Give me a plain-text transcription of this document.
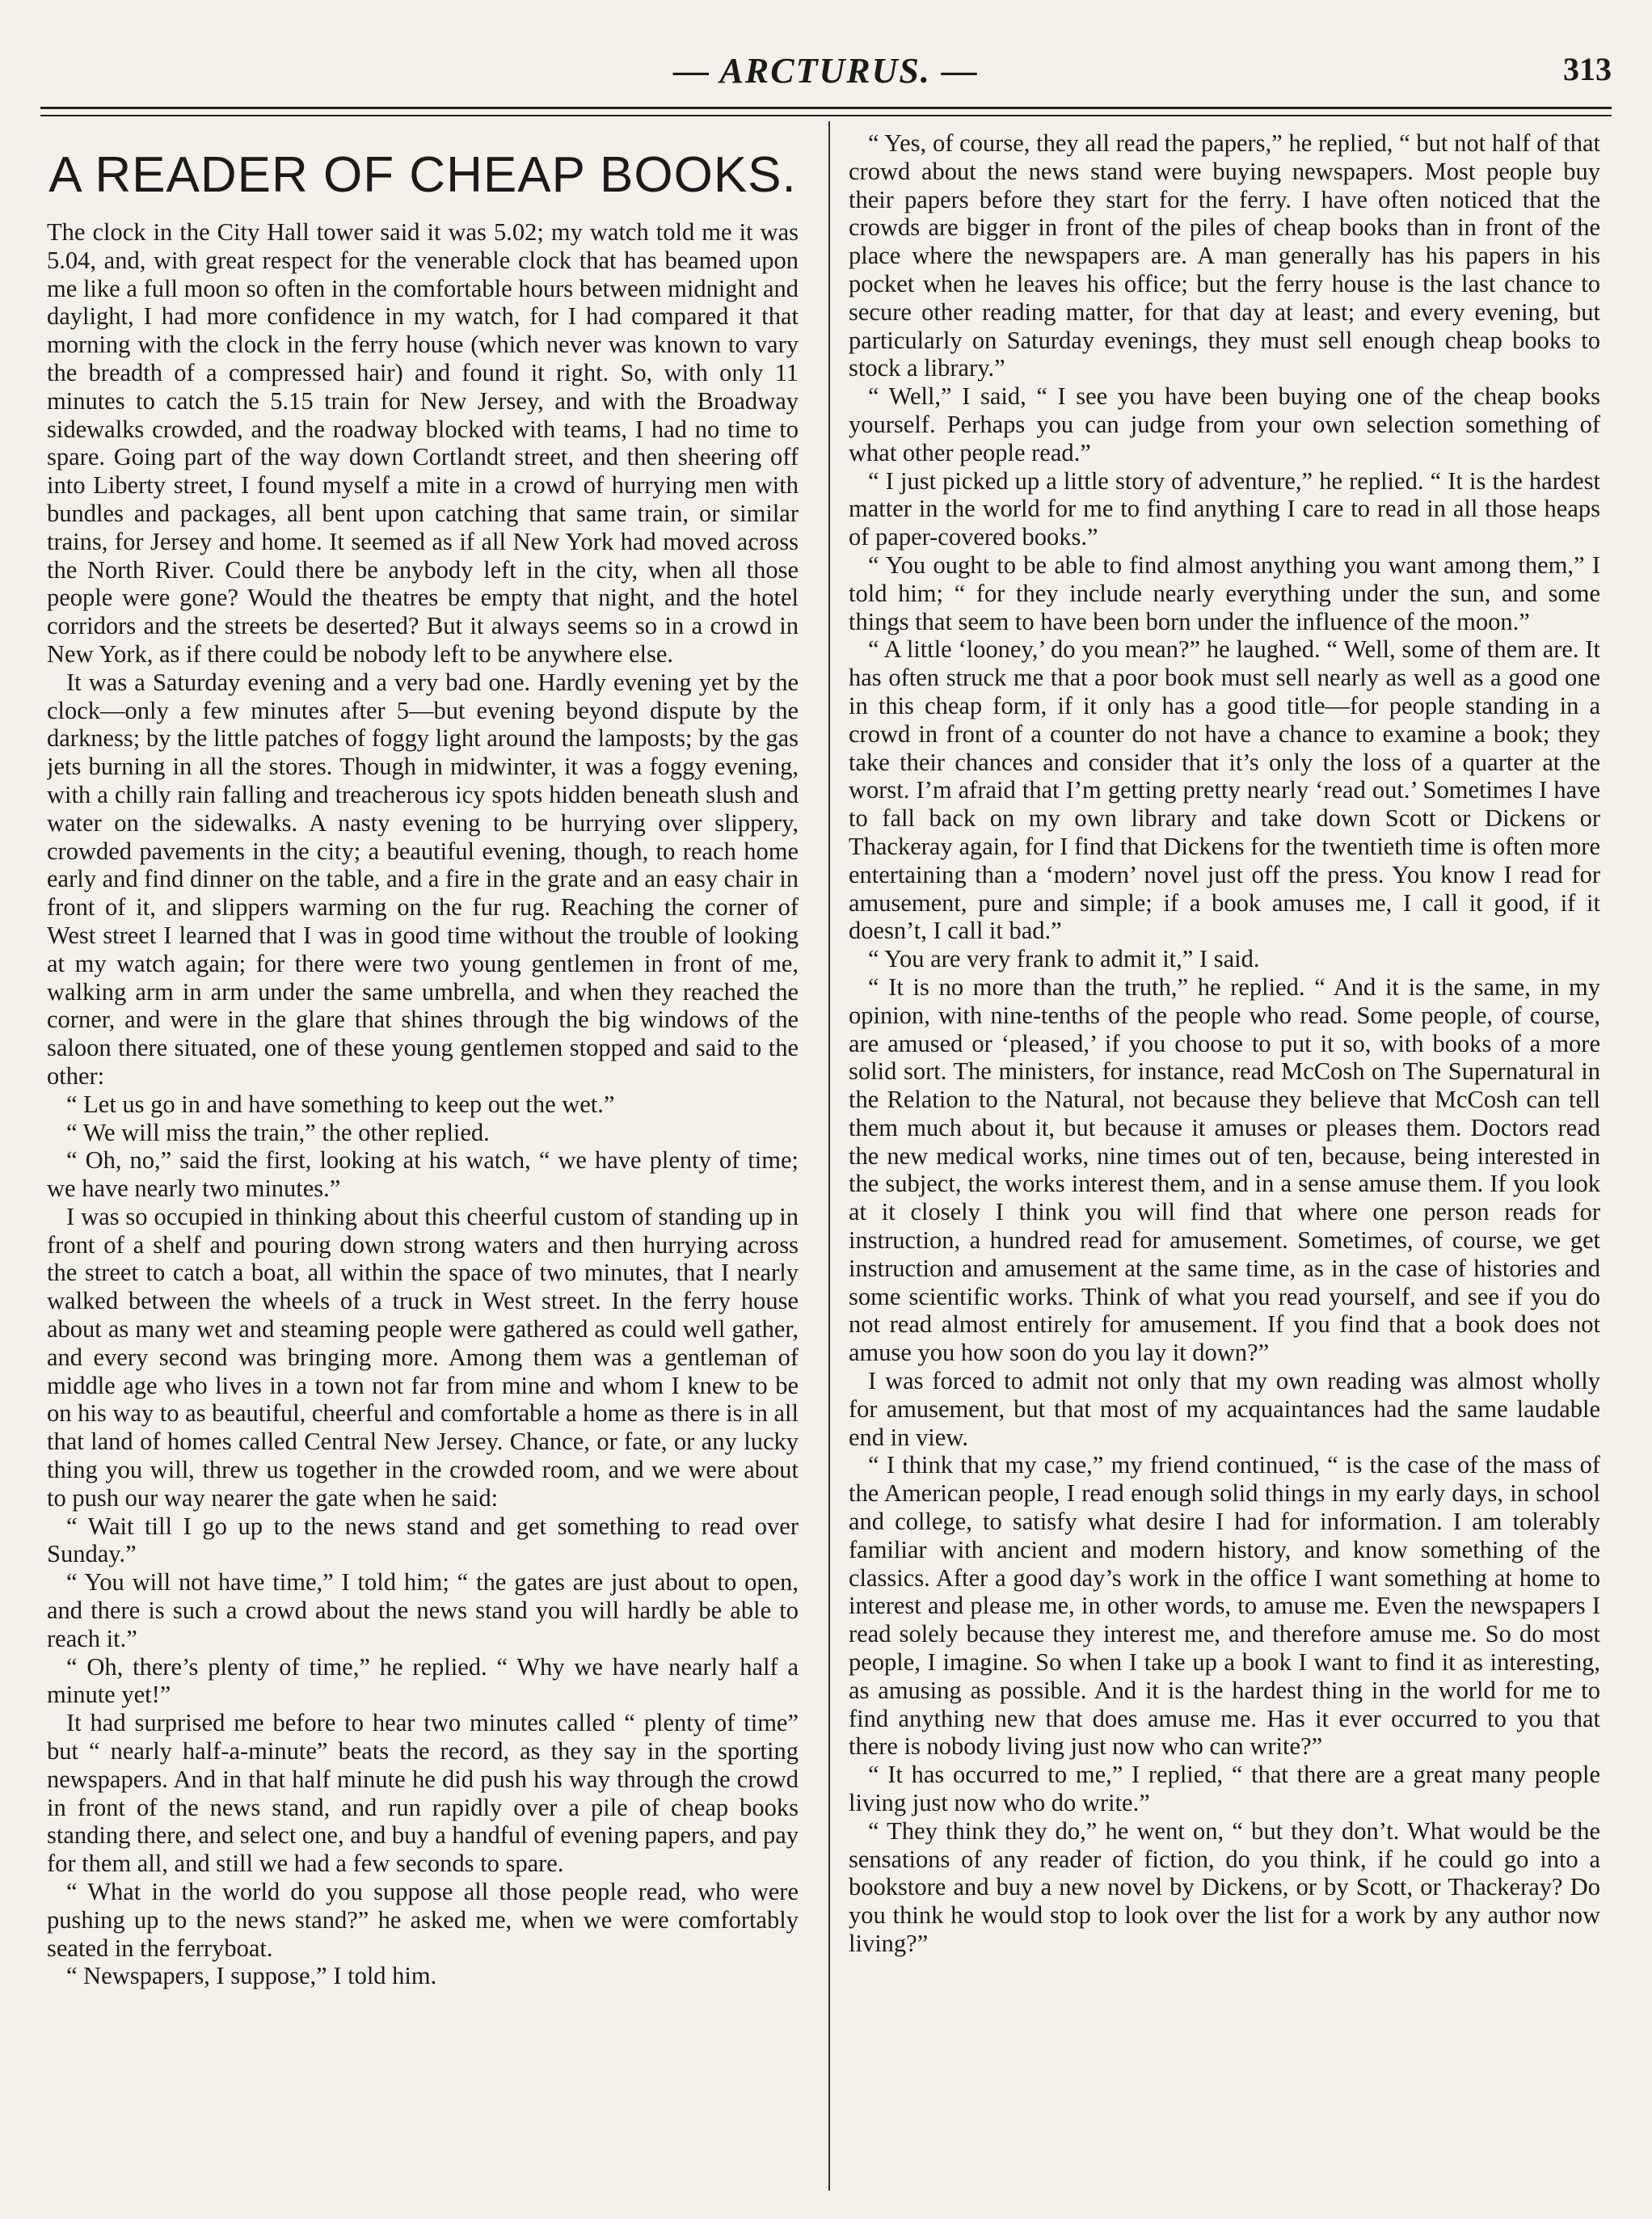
— ARCTURUS. —	313
A READER OF CHEAP BOOKS.

The clock in the City Hall tower said it was 5.02; my watch told me it was 5.04, and, with great respect for the venerable clock that has beamed upon me like a full moon so often in the comfortable hours between midnight and daylight, I had more confidence in my watch, for I had compared it that morning with the clock in the ferry house (which never was known to vary the breadth of a compressed hair) and found it right. So, with only 11 minutes to catch the 5.15 train for New Jersey, and with the Broadway sidewalks crowded, and the roadway blocked with teams, I had no time to spare. Going part of the way down Cortlandt street, and then sheering off into Liberty street, I found myself a mite in a crowd of hurrying men with bundles and packages, all bent upon catching that same train, or similar trains, for Jersey and home. It seemed as if all New York had moved across the North River. Could there be anybody left in the city, when all those people were gone? Would the theatres be empty that night, and the hotel corridors and the streets be deserted? But it always seems so in a crowd in New York, as if there could be nobody left to be anywhere else.

It was a Saturday evening and a very bad one. Hardly evening yet by the clock—only a few minutes after 5—but evening beyond dispute by the darkness; by the little patches of foggy light around the lamposts; by the gas jets burning in all the stores. Though in midwinter, it was a foggy evening, with a chilly rain falling and treacherous icy spots hidden beneath slush and water on the sidewalks. A nasty evening to be hurrying over slippery, crowded pavements in the city; a beautiful evening, though, to reach home early and find dinner on the table, and a fire in the grate and an easy chair in front of it, and slippers warming on the fur rug. Reaching the corner of West street I learned that I was in good time without the trouble of looking at my watch again; for there were two young gentlemen in front of me, walking arm in arm under the same umbrella, and when they reached the corner, and were in the glare that shines through the big windows of the saloon there situated, one of these young gentlemen stopped and said to the other:

“ Let us go in and have something to keep out the wet.”

“ We will miss the train,” the other replied.

“ Oh, no,” said the first, looking at his watch, “ we have plenty of time; we have nearly two minutes.”

I was so occupied in thinking about this cheerful custom of standing up in front of a shelf and pouring down strong waters and then hurrying across the street to catch a boat, all within the space of two minutes, that I nearly walked between the wheels of a truck in West street. In the ferry house about as many wet and steaming people were gathered as could well gather, and every second was bringing more. Among them was a gentleman of middle age who lives in a town not far from mine and whom I knew to be on his way to as beautiful, cheerful and comfortable a home as there is in all that land of homes called Central New Jersey. Chance, or fate, or any lucky thing you will, threw us together in the crowded room, and we were about to push our way nearer the gate when he said:

“ Wait till I go up to the news stand and get something to read over Sunday.”

“ You will not have time,” I told him; “ the gates are just about to open, and there is such a crowd about the news stand you will hardly be able to reach it.”

“ Oh, there’s plenty of time,” he replied. “ Why we have nearly half a minute yet!”

It had surprised me before to hear two minutes called “ plenty of time” but “ nearly half-a-minute” beats the record, as they say in the sporting newspapers. And in that half minute he did push his way through the crowd in front of the news stand, and run rapidly over a pile of cheap books standing there, and select one, and buy a handful of evening papers, and pay for them all, and still we had a few seconds to spare.

“ What in the world do you suppose all those people read, who were pushing up to the news stand?” he asked me, when we were comfortably seated in the ferryboat.

“ Newspapers, I suppose,” I told him.

“ Yes, of course, they all read the papers,” he replied, “ but not half of that crowd about the news stand were buying newspapers. Most people buy their papers before they start for the ferry. I have often noticed that the crowds are bigger in front of the piles of cheap books than in front of the place where the newspapers are. A man generally has his papers in his pocket when he leaves his office; but the ferry house is the last chance to secure other reading matter, for that day at least; and every evening, but particularly on Saturday evenings, they must sell enough cheap books to stock a library.”

“ Well,” I said, “ I see you have been buying one of the cheap books yourself. Perhaps you can judge from your own selection something of what other people read.”

“ I just picked up a little story of adventure,” he replied. “ It is the hardest matter in the world for me to find anything I care to read in all those heaps of paper-covered books.”

“ You ought to be able to find almost anything you want among them,” I told him; “ for they include nearly everything under the sun, and some things that seem to have been born under the influence of the moon.”

“ A little ‘looney,’ do you mean?” he laughed. “ Well, some of them are. It has often struck me that a poor book must sell nearly as well as a good one in this cheap form, if it only has a good title—for people standing in a crowd in front of a counter do not have a chance to examine a book; they take their chances and consider that it’s only the loss of a quarter at the worst. I’m afraid that I’m getting pretty nearly ‘read out.’ Sometimes I have to fall back on my own library and take down Scott or Dickens or Thackeray again, for I find that Dickens for the twentieth time is often more entertaining than a ‘modern’ novel just off the press. You know I read for amusement, pure and simple; if a book amuses me, I call it good, if it doesn’t, I call it bad.”

“ You are very frank to admit it,” I said.

“ It is no more than the truth,” he replied. “ And it is the same, in my opinion, with nine-tenths of the people who read. Some people, of course, are amused or ‘pleased,’ if you choose to put it so, with books of a more solid sort. The ministers, for instance, read McCosh on The Supernatural in the Relation to the Natural, not because they believe that McCosh can tell them much about it, but because it amuses or pleases them. Doctors read the new medical works, nine times out of ten, because, being interested in the subject, the works interest them, and in a sense amuse them. If you look at it closely I think you will find that where one person reads for instruction, a hundred read for amusement. Sometimes, of course, we get instruction and amusement at the same time, as in the case of histories and some scientific works. Think of what you read yourself, and see if you do not read almost entirely for amusement. If you find that a book does not amuse you how soon do you lay it down?”

I was forced to admit not only that my own reading was almost wholly for amusement, but that most of my acquaintances had the same laudable end in view.

“ I think that my case,” my friend continued, “ is the case of the mass of the American people, I read enough solid things in my early days, in school and college, to satisfy what desire I had for information. I am tolerably familiar with ancient and modern history, and know something of the classics. After a good day’s work in the office I want something at home to interest and please me, in other words, to amuse me. Even the newspapers I read solely because they interest me, and therefore amuse me. So do most people, I imagine. So when I take up a book I want to find it as interesting, as amusing as possible. And it is the hardest thing in the world for me to find anything new that does amuse me. Has it ever occurred to you that there is nobody living just now who can write?”

“ It has occurred to me,” I replied, “ that there are a great many people living just now who do write.”

“ They think they do,” he went on, “ but they don’t. What would be the sensations of any reader of fiction, do you think, if he could go into a bookstore and buy a new novel by Dickens, or by Scott, or Thackeray? Do you think he would stop to look over the list for a work by any author now living?”
